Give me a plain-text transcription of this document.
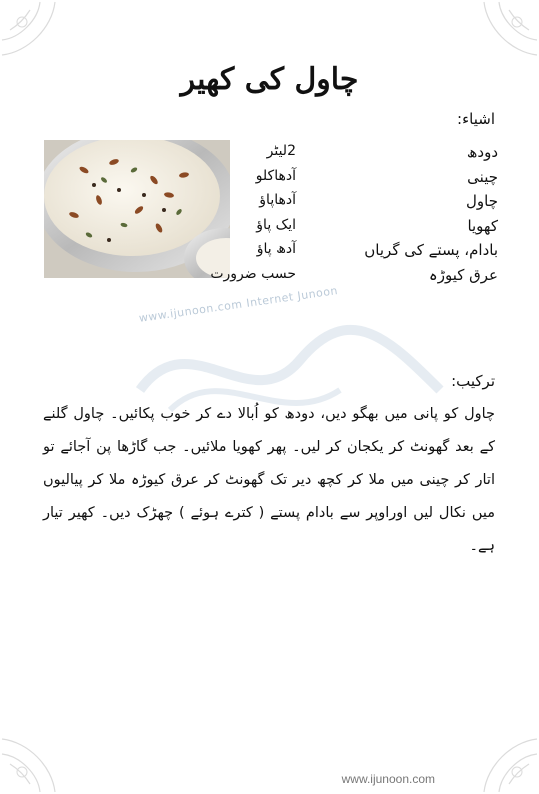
www.ijunoon.com Internet Junoon
چاول کی کھیر
اشیاء:
دودھ
2لیٹر
چینی
آدھاکلو
چاول
آدھاپاؤ
کھویا
ایک پاؤ
بادام، پستے کی گریاں
آدھ پاؤ
عرق کیوڑہ
حسب ضرورت
ترکیب:
چاول کو پانی میں بھگو دیں، دودھ کو اُبالا دے کر خوب پکائیں۔ چاول گلنے کے بعد گھونٹ کر یکجان کر لیں۔ پھر کھویا ملائیں۔ جب گاڑھا پن آجائے تو اتار کر چینی میں ملا کر کچھ دیر تک گھونٹ کر عرق کیوڑہ ملا کر پیالیوں میں نکال لیں اوراوپر سے بادام پستے ( کترے ہوئے ) چھڑک دیں۔ کھیر تیار ہے۔
www.ijunoon.com
